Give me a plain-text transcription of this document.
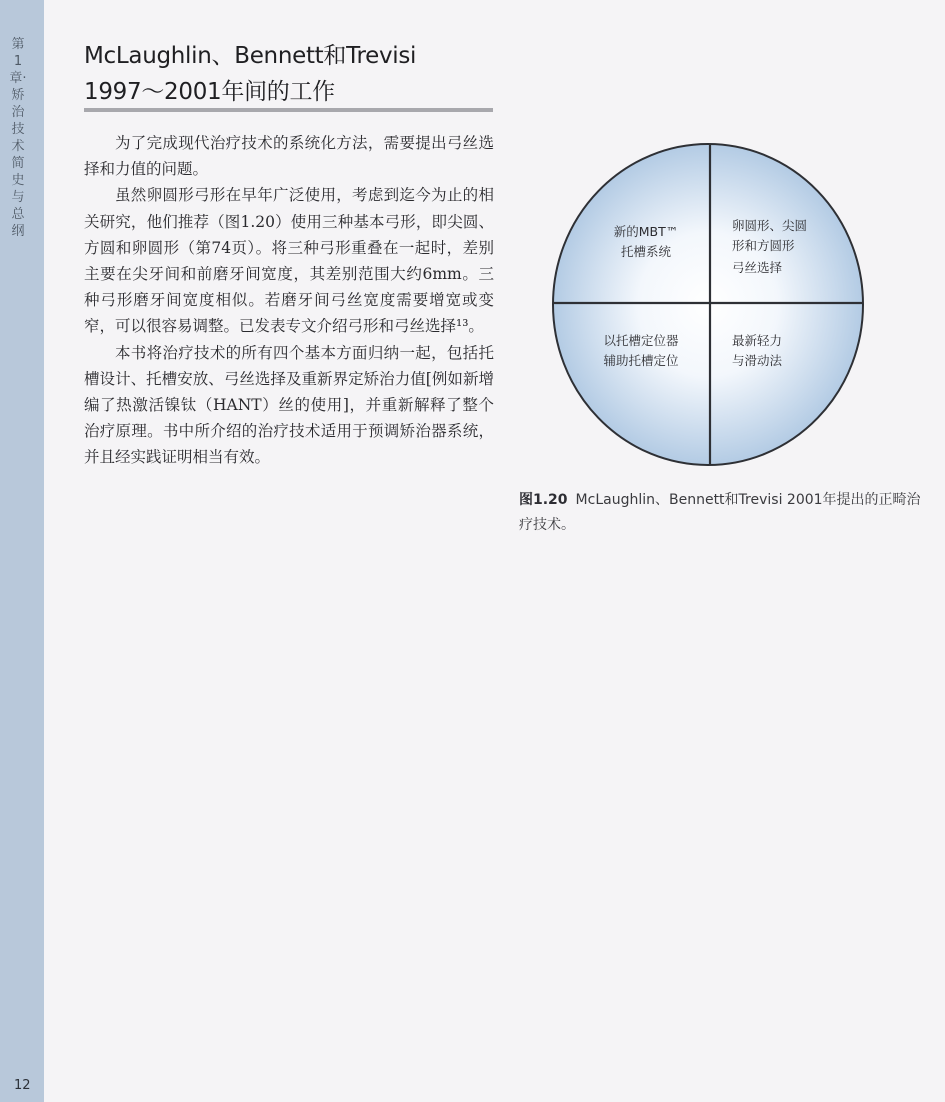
第1章·矫治技术简史与总纲
12
McLaughlin、Bennett和Trevisi
1997～2001年间的工作

为了完成现代治疗技术的系统化方法，需要提出弓丝选择和力值的问题。

虽然卵圆形弓形在早年广泛使用，考虑到迄今为止的相关研究，他们推荐（图1.20）使用三种基本弓形，即尖圆、方圆和卵圆形（第74页）。将三种弓形重叠在一起时，差别主要在尖牙间和前磨牙间宽度，其差别范围大约6mm。三种弓形磨牙间宽度相似。若磨牙间弓丝宽度需要增宽或变窄，可以很容易调整。已发表专文介绍弓形和弓丝选择¹³。

本书将治疗技术的所有四个基本方面归纳一起，包括托槽设计、托槽安放、弓丝选择及重新界定矫治力值[例如新增编了热激活镍钛（HANT）丝的使用]，并重新解释了整个治疗原理。书中所介绍的治疗技术适用于预调矫治器系统，并且经实践证明相当有效。

新的MBT™
托槽系统
卵圆形、尖圆
形和方圆形
弓丝选择
以托槽定位器
辅助托槽定位
最新轻力
与滑动法
图1.20 McLaughlin、Bennett和Trevisi 2001年提出的正畸治疗技术。
